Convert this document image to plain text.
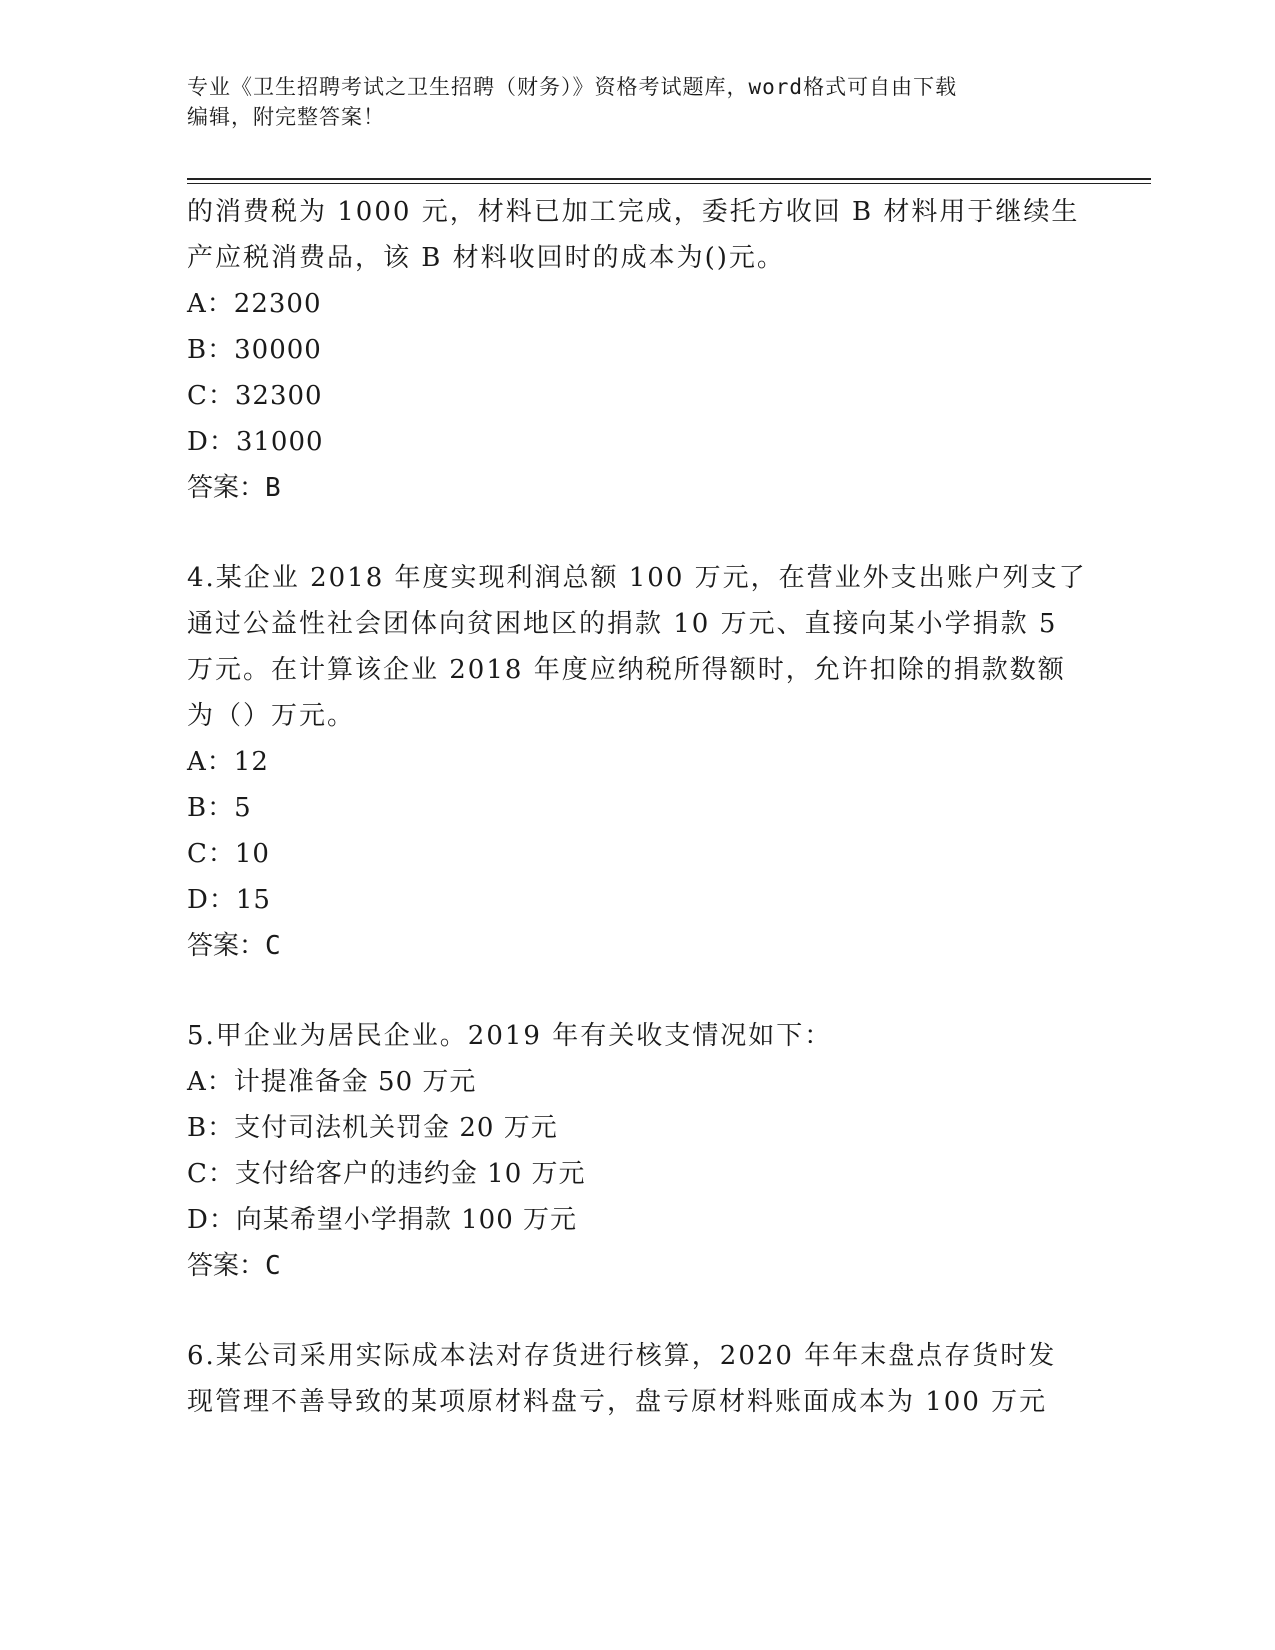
专业《卫生招聘考试之卫生招聘（财务）》资格考试题库，word格式可自由下载
编辑，附完整答案！
的消费税为 1000 元，材料已加工完成，委托方收回 B 材料用于继续生
产应税消费品，该 B 材料收回时的成本为()元。
A：22300
B：30000
C：32300
D：31000
答案：B
4.某企业 2018 年度实现利润总额 100 万元，在营业外支出账户列支了
通过公益性社会团体向贫困地区的捐款 10 万元、直接向某小学捐款 5
万元。在计算该企业 2018 年度应纳税所得额时，允许扣除的捐款数额
为（）万元。
A：12
B：5
C：10
D：15
答案：C
5.甲企业为居民企业。2019 年有关收支情况如下：
A：计提准备金 50 万元
B：支付司法机关罚金 20 万元
C：支付给客户的违约金 10 万元
D：向某希望小学捐款 100 万元
答案：C
6.某公司采用实际成本法对存货进行核算，2020 年年末盘点存货时发
现管理不善导致的某项原材料盘亏，盘亏原材料账面成本为 100 万元
